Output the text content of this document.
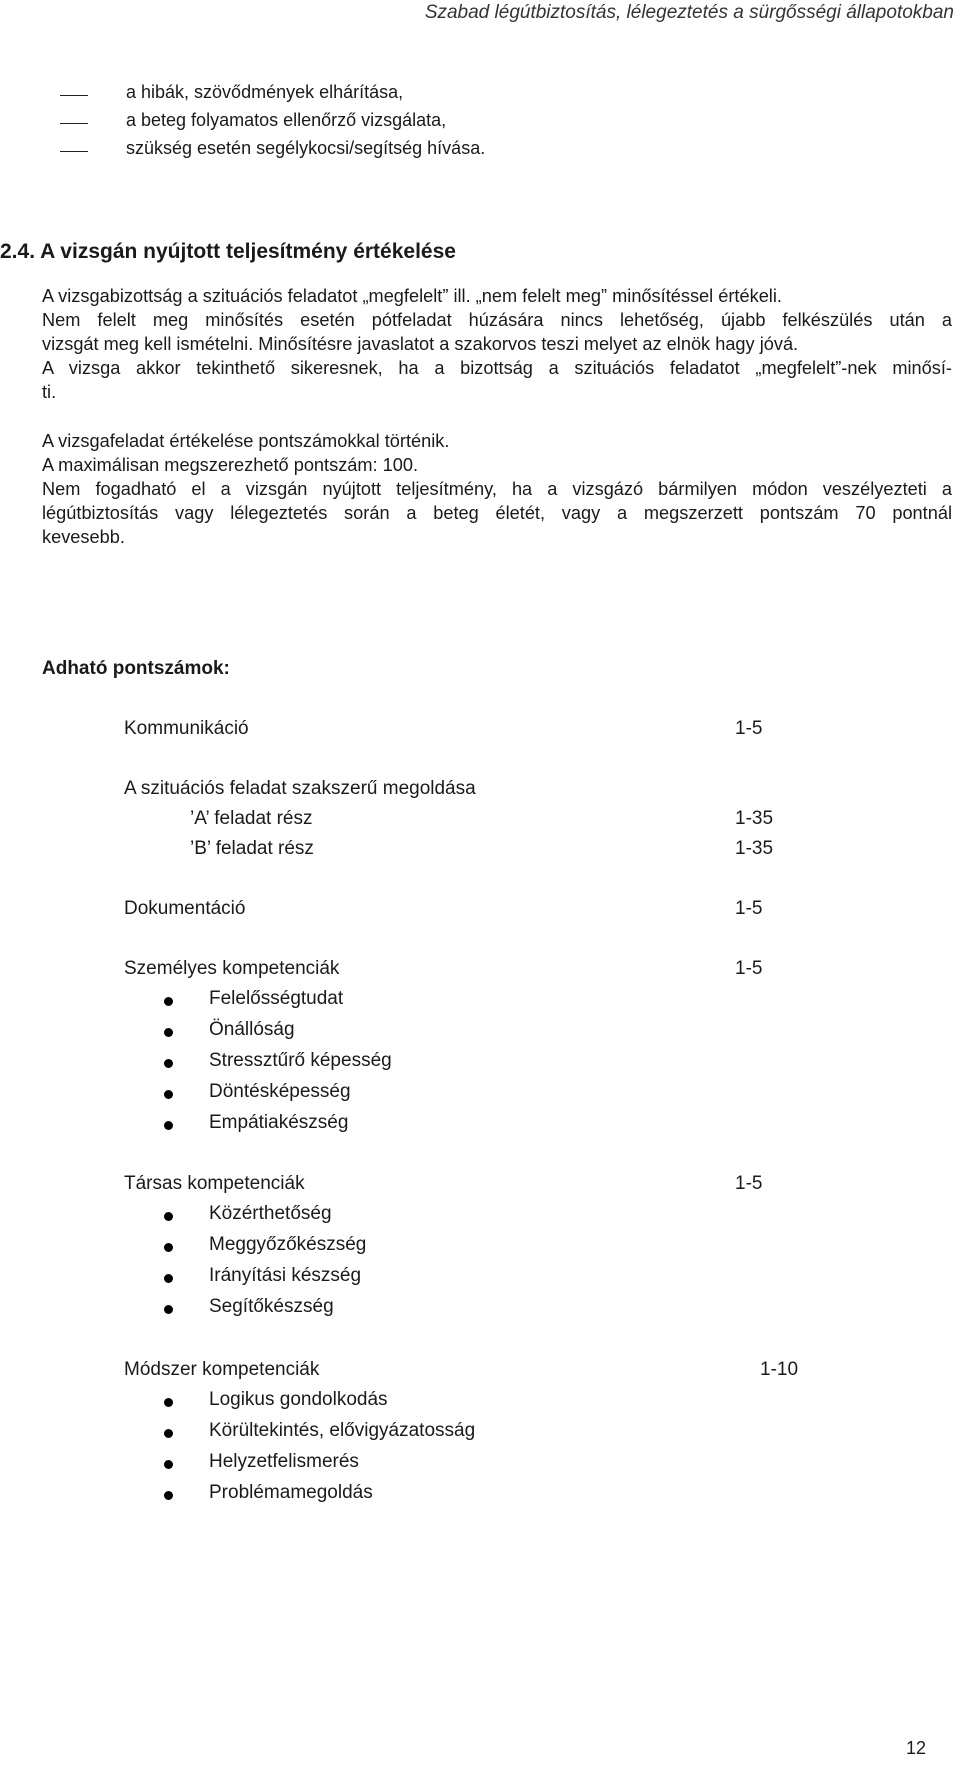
Szabad légútbiztosítás, lélegeztetés a sürgősségi állapotokban
a hibák, szövődmények elhárítása,
a beteg folyamatos ellenőrző vizsgálata,
szükség esetén segélykocsi/segítség hívása.
2.4. A vizsgán nyújtott teljesítmény értékelése
A vizsgabizottság a szituációs feladatot „megfelelt” ill. „nem felelt meg” minősítéssel értékeli.
Nem felelt meg minősítés esetén pótfeladat húzására nincs lehetőség, újabb felkészülés után a
vizsgát meg kell ismételni. Minősítésre javaslatot a szakorvos teszi melyet az elnök hagy jóvá.
A vizsga akkor tekinthető sikeresnek, ha a bizottság a szituációs feladatot „megfelelt”-nek minősí-
ti.
A vizsgafeladat értékelése pontszámokkal történik.
A maximálisan megszerezhető pontszám: 100.
Nem fogadható el a vizsgán nyújtott teljesítmény, ha a vizsgázó bármilyen módon veszélyezteti a
légútbiztosítás vagy lélegeztetés során a beteg életét, vagy a megszerzett pontszám 70 pontnál
kevesebb.
Adható pontszámok:
Kommunikáció	1-5
A szituációs feladat szakszerű megoldása
’A’ feladat rész	1-35
’B’ feladat rész	1-35
Dokumentáció	1-5
Személyes kompetenciák	1-5
Felelősségtudat
Önállóság
Stressztűrő képesség
Döntésképesség
Empátiakészség
Társas kompetenciák	1-5
Közérthetőség
Meggyőzőkészség
Irányítási készség
Segítőkészség
Módszer kompetenciák	1-10
Logikus gondolkodás
Körültekintés, elővigyázatosság
Helyzetfelismerés
Problémamegoldás
12
